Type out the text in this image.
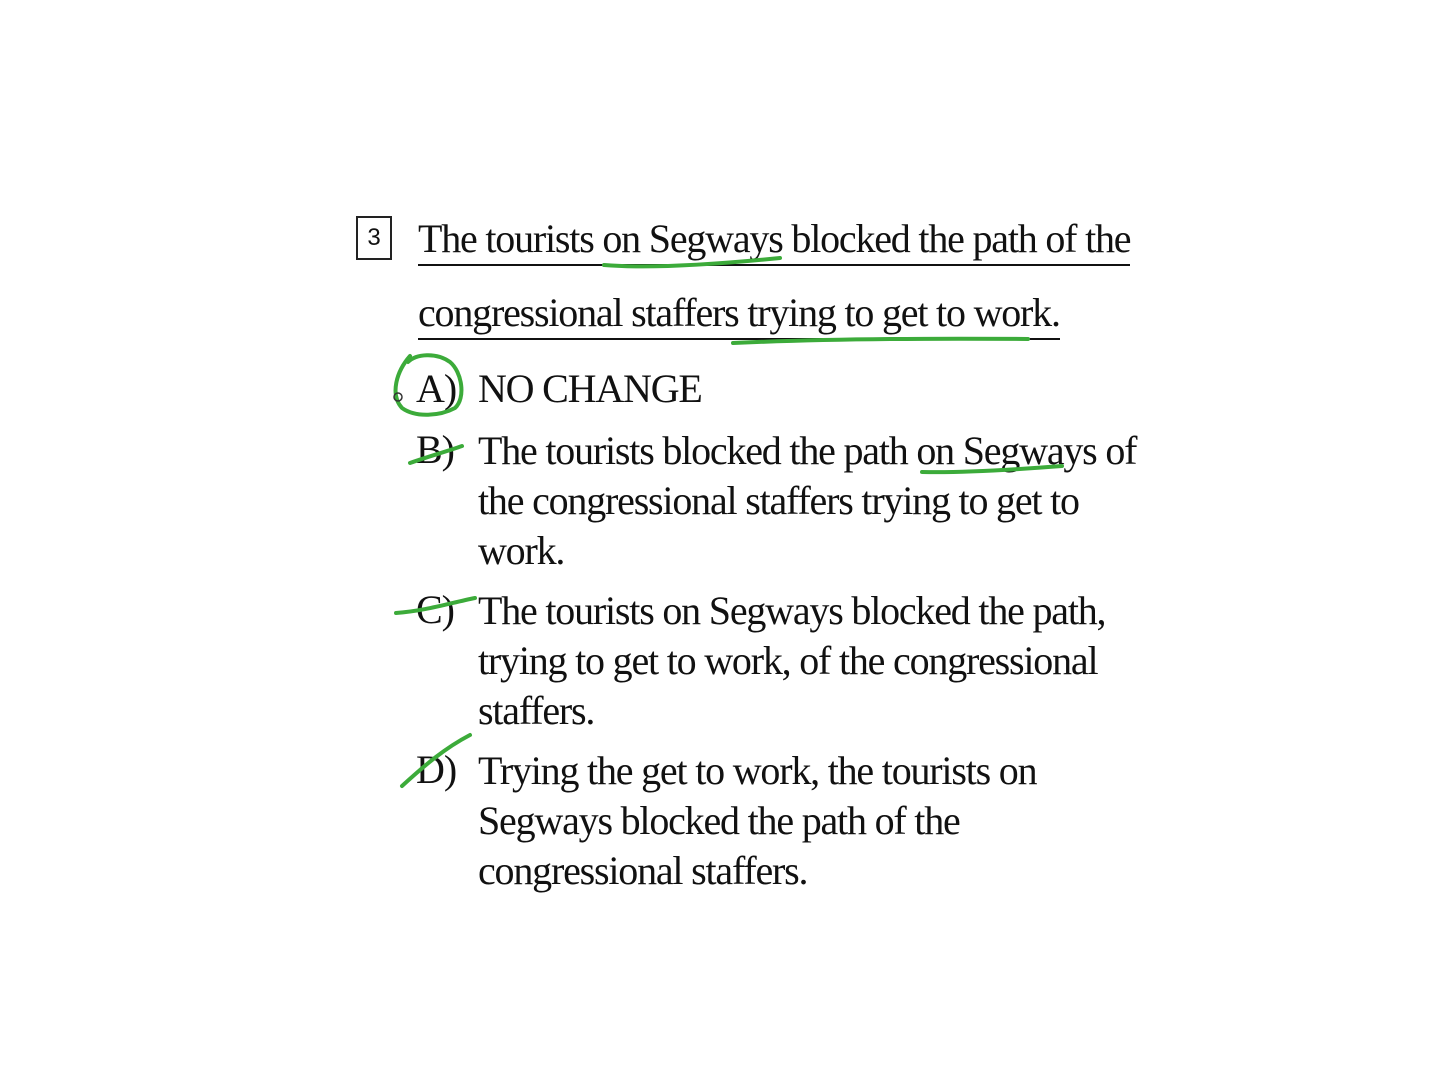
3 The tourists on Segways blocked the path of the
congressional staffers trying to get to work.
A) NO CHANGE
B) The tourists blocked the path on Segways of
the congressional staffers trying to get to
work.
C) The tourists on Segways blocked the path,
trying to get to work, of the congressional
staffers.
D) Trying the get to work, the tourists on
Segways blocked the path of the
congressional staffers.
